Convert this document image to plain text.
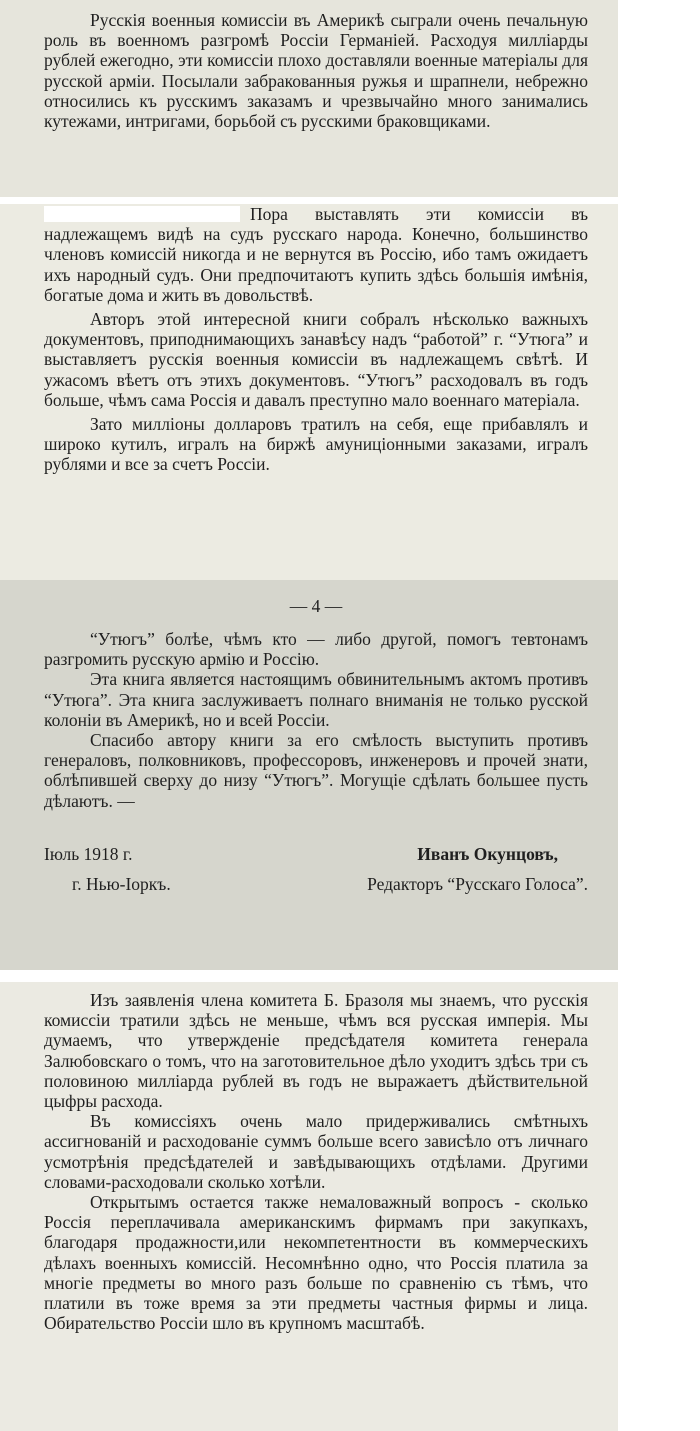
Русскія военныя комиссіи въ Америкѣ сыграли очень печальную роль въ военномъ разгромѣ Россіи Германіей. Расходуя милліарды рублей ежегодно, эти комиссіи плохо доставляли военные матеріалы для русской арміи. Посылали забракованныя ружья и шрапнели, небрежно относились къ русскимъ заказамъ и чрезвычайно много занимались кутежами, интригами, борьбой съ русскими браковщиками.

Пора выставлять эти комиссіи въ надлежащемъ видѣ на судъ русскаго народа. Конечно, большинство членовъ комиссій никогда и не вернутся въ Россію, ибо тамъ ожидаетъ ихъ народный судъ. Они предпочитаютъ купить здѣсь большія имѣнія, богатые дома и жить въ довольствѣ.

Авторъ этой интересной книги собралъ нѣсколько важныхъ документовъ, приподнимающихъ занавѣсу надъ “работой” г. “Утюга” и выставляетъ русскія военныя комиссіи въ надлежащемъ свѣтѣ. И ужасомъ вѣетъ отъ этихъ документовъ. “Утюгъ” расходовалъ въ годъ больше, чѣмъ сама Россія и давалъ преступно мало военнаго матеріала.

Зато милліоны долларовъ тратилъ на себя, еще прибавлялъ и широко кутилъ, игралъ на биржѣ амуниціонными заказами, игралъ рублями и все за счетъ Россіи.

— 4 —

“Утюгъ” болѣе, чѣмъ кто — либо другой, помогъ тевтонамъ разгромить русскую армію и Россію.

Эта книга является настоящимъ обвинительнымъ актомъ противъ “Утюга”. Эта книга заслуживаетъ полнаго вниманія не только русской колоніи въ Америкѣ, но и всей Россіи.

Спасибо автору книги за его смѣлость выступить противъ генераловъ, полковниковъ, профессоровъ, инженеровъ и прочей знати, облѣпившей сверху до низу “Утюгъ”. Могущіе сдѣлать большее пусть дѣлаютъ. —

Іюль 1918 г.	Иванъ Окунцовъ,
г. Нью-Іоркъ.	Редакторъ “Русскаго Голоса”.

Изъ заявленія члена комитета Б. Бразоля мы знаемъ, что русскія комиссіи тратили здѣсь не меньше, чѣмъ вся русская имперія. Мы думаемъ, что утвержденіе предсѣдателя комитета генерала Залюбовскаго о томъ, что на заготовительное дѣло уходитъ здѣсь три съ половиною милліарда рублей въ годъ не выражаетъ дѣйствительной цыфры расхода.

Въ комиссіяхъ очень мало придерживались смѣтныхъ ассигнованій и расходованіе суммъ больше всего зависѣло отъ личнаго усмотрѣнія предсѣдателей и завѣдывающихъ отдѣлами. Другими словами-расходовали сколько хотѣли.

Открытымъ остается также немаловажный вопросъ - сколько Россія переплачивала американскимъ фирмамъ при закупкахъ, благодаря продажности,или некомпетентности въ коммерческихъ дѣлахъ военныхъ комиссій. Несомнѣнно одно, что Россія платила за многіе предметы во много разъ больше по сравненію съ тѣмъ, что платили въ тоже время за эти предметы частныя фирмы и лица. Обирательство Россіи шло въ крупномъ масштабѣ.
